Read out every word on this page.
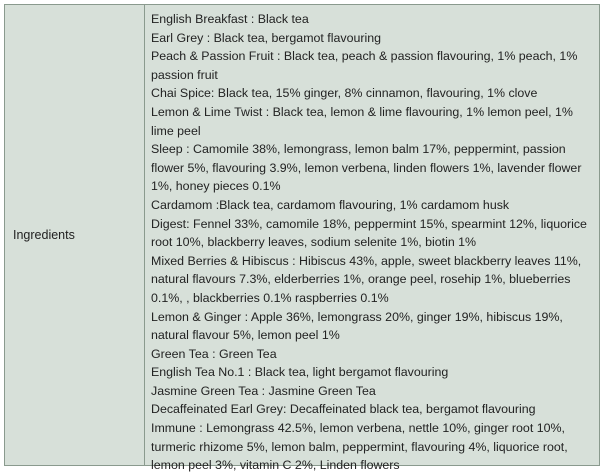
Ingredients

English Breakfast : Black tea

Earl Grey : Black tea, bergamot flavouring

Peach & Passion Fruit : Black tea, peach & passion flavouring, 1% peach, 1% passion fruit

Chai Spice: Black tea, 15% ginger, 8% cinnamon, flavouring, 1% clove

Lemon & Lime Twist : Black tea, lemon & lime flavouring, 1% lemon peel, 1% lime peel

Sleep : Camomile 38%, lemongrass, lemon balm 17%, peppermint, passion flower 5%, flavouring 3.9%, lemon verbena, linden flowers 1%, lavender flower 1%, honey pieces 0.1%

Cardamom :Black tea, cardamom flavouring, 1% cardamom husk

Digest: Fennel 33%, camomile 18%, peppermint 15%, spearmint 12%, liquorice root 10%, blackberry leaves, sodium selenite 1%, biotin 1%

Mixed Berries & Hibiscus : Hibiscus 43%, apple, sweet blackberry leaves 11%, natural flavours 7.3%, elderberries 1%, orange peel, rosehip 1%, blueberries 0.1%, , blackberries 0.1% raspberries 0.1%

Lemon & Ginger : Apple 36%, lemongrass 20%, ginger 19%, hibiscus 19%, natural flavour 5%, lemon peel 1%

Green Tea : Green Tea

English Tea No.1 : Black tea, light bergamot flavouring

Jasmine Green Tea : Jasmine Green Tea

Decaffeinated Earl Grey: Decaffeinated black tea, bergamot flavouring

Immune : Lemongrass 42.5%, lemon verbena, nettle 10%, ginger root 10%, turmeric rhizome 5%, lemon balm, peppermint, flavouring 4%, liquorice root, lemon peel 3%, vitamin C 2%, Linden flowers
